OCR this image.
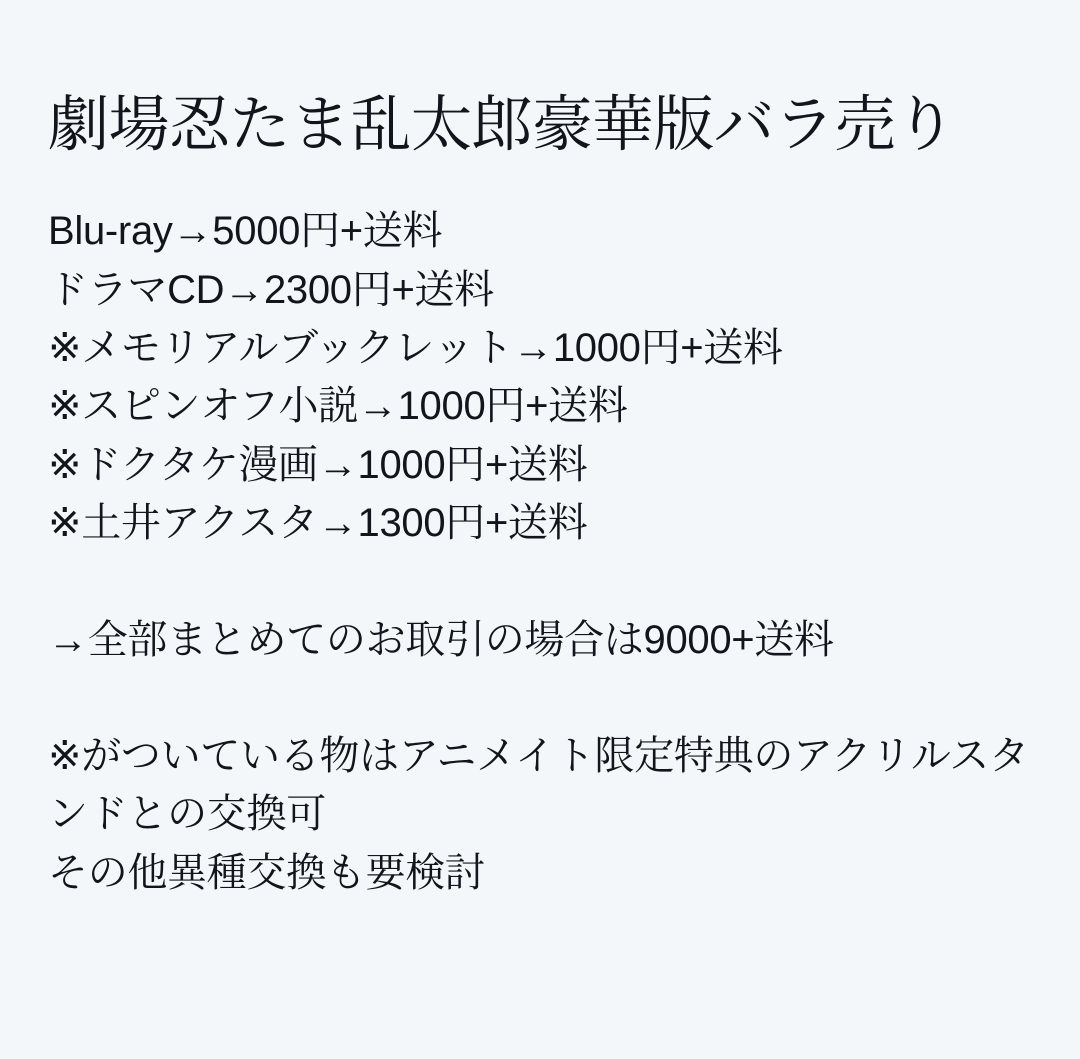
劇場忍たま乱太郎豪華版バラ売り
Blu-ray→5000円+送料
ドラマCD→2300円+送料
※メモリアルブックレット→1000円+送料
※スピンオフ小説→1000円+送料
※ドクタケ漫画→1000円+送料
※土井アクスタ→1300円+送料
→全部まとめてのお取引の場合は9000+送料
※がついている物はアニメイト限定特典のアクリルスタンドとの交換可
その他異種交換も要検討
